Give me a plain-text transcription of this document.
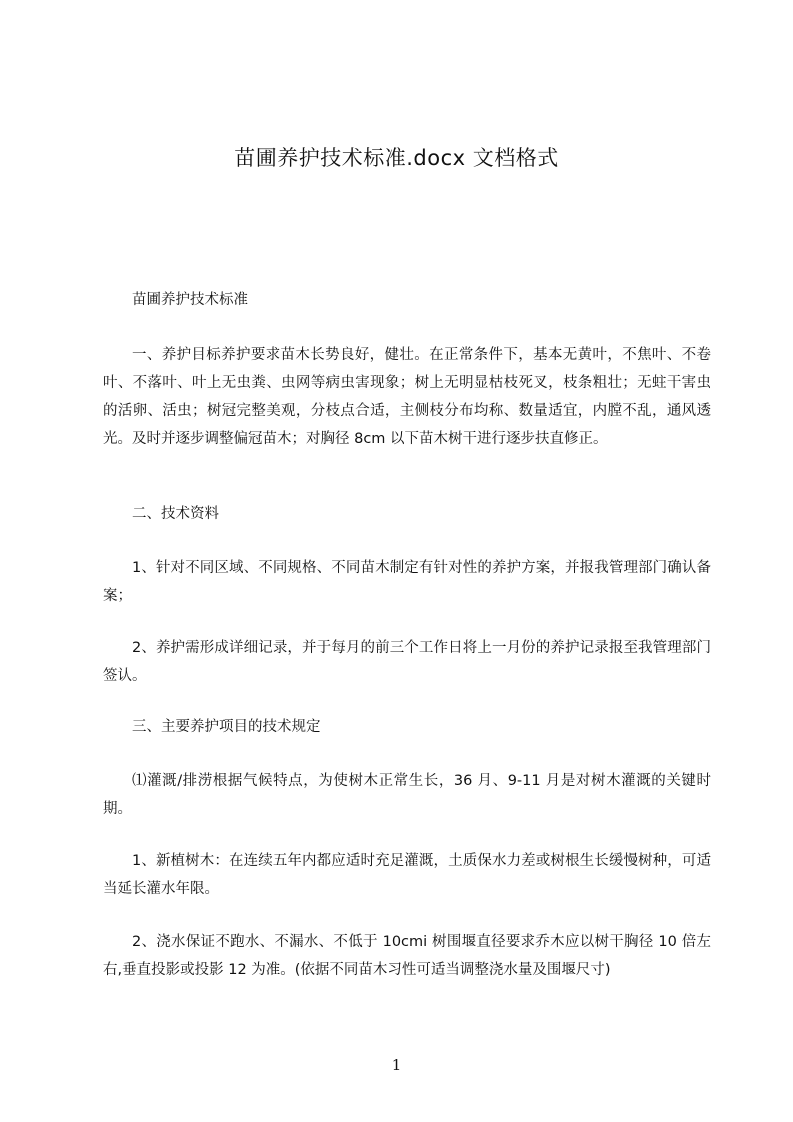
苗圃养护技术标准.docx 文档格式
苗圃养护技术标准
一、养护目标养护要求苗木长势良好，健壮。在正常条件下，基本无黄叶，不焦叶、不卷叶、不落叶、叶上无虫粪、虫网等病虫害现象；树上无明显枯枝死叉，枝条粗壮；无蛀干害虫的活卵、活虫；树冠完整美观，分枝点合适，主侧枝分布均称、数量适宜，内膛不乱，通风透光。及时并逐步调整偏冠苗木；对胸径 8cm 以下苗木树干进行逐步扶直修正。
二、技术资料
1、针对不同区域、不同规格、不同苗木制定有针对性的养护方案，并报我管理部门确认备案；
2、养护需形成详细记录，并于每月的前三个工作日将上一月份的养护记录报至我管理部门签认。
三、主要养护项目的技术规定
⑴灌溉/排涝根据气候特点，为使树木正常生长，36 月、9-11 月是对树木灌溉的关键时期。
1、新植树木：在连续五年内都应适时充足灌溉，土质保水力差或树根生长缓慢树种，可适当延长灌水年限。
2、浇水保证不跑水、不漏水、不低于 10cmi 树围堰直径要求乔木应以树干胸径 10 倍左右,垂直投影或投影 12 为准。(依据不同苗木习性可适当调整浇水量及围堰尺寸)
1
